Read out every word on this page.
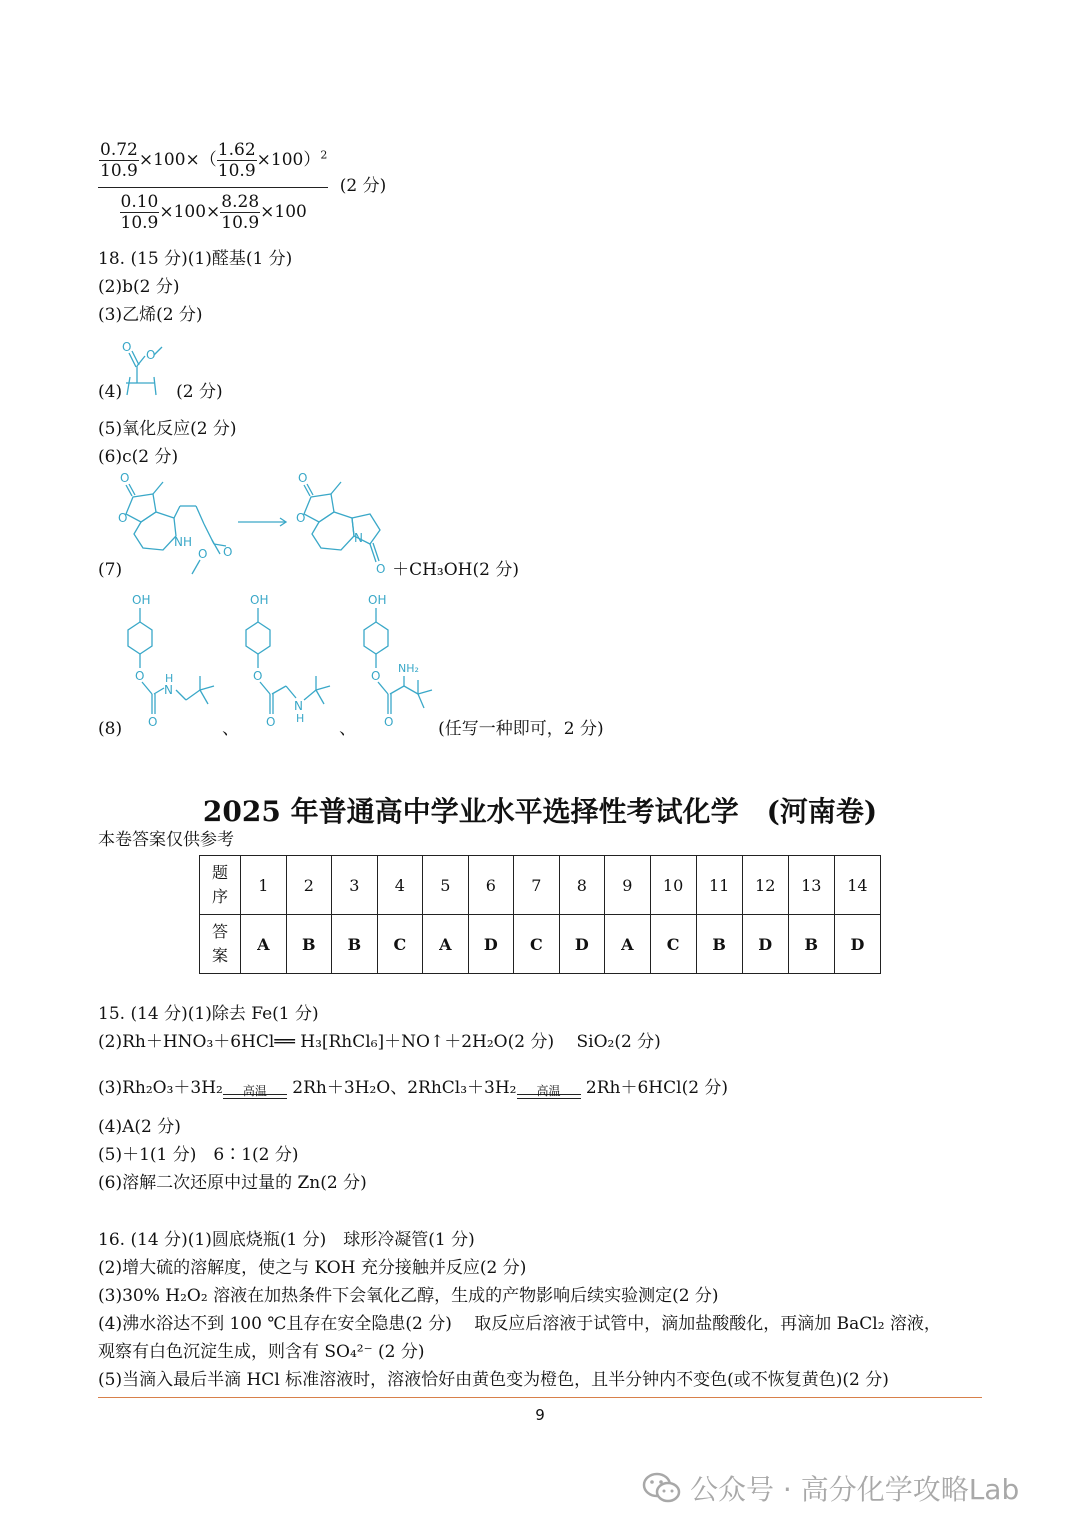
$\frac{\frac{0.72}{10.9} \times 100\times( \frac{1.62}{10.9} \times 100)^2}{\frac{0.10}{10.9} \times 100\times \frac{8.28}{10.9} \times 100} (2$ 分)
18. (15 分)(1)醛基(1 分)
(2)b(2 分)
(3)乙烯(2 分)
O
O
(4)	(2 分)
(5)氧化反应(2 分)
(6)c(2 分)
O
O
O
NH
O
O
O
N
O
(7)	＋CH₃OH(2 分)
OH
O
O
H
N
OH
O
O
N
H
OH
O
O
NH₂
(8)	、	、	(任写一种即可，2 分)
2025 年普通高中学业水平选择性考试化学　(河南卷)
本卷答案仅供参考
题
序	1	2	3	4	5	6	7	8	9	10	11	12	13	14
答
案	A	B	B	C	A	D	C	D	A	C	B	D	B	D
15. (14 分)(1)除去 Fe(1 分)
(2)Rh＋HNO₃＋6HCl══ H₃[RhCl₆]＋NO↑＋2H₂O(2 分)　 SiO₂(2 分)
(3)Rh₂O₃＋3H₂	高温	2Rh＋3H₂O、2RhCl₃＋3H₂	高温	2Rh＋6HCl(2 分)
(4)A(2 分)
(5)＋1(1 分)　6∶1(2 分)
(6)溶解二次还原中过量的 Zn(2 分)
16. (14 分)(1)圆底烧瓶(1 分)　球形冷凝管(1 分)
(2)增大硫的溶解度，使之与 KOH 充分接触并反应(2 分)
(3)30% H₂O₂ 溶液在加热条件下会氧化乙醇，生成的产物影响后续实验测定(2 分)
(4)沸水浴达不到 100 ℃且存在安全隐患(2 分)　 取反应后溶液于试管中，滴加盐酸酸化，再滴加 BaCl₂ 溶液，
观察有白色沉淀生成，则含有 SO₄²⁻ (2 分)
(5)当滴入最后半滴 HCl 标准溶液时，溶液恰好由黄色变为橙色，且半分钟内不变色(或不恢复黄色)(2 分)
9
公众号 · 高分化学攻略Lab
